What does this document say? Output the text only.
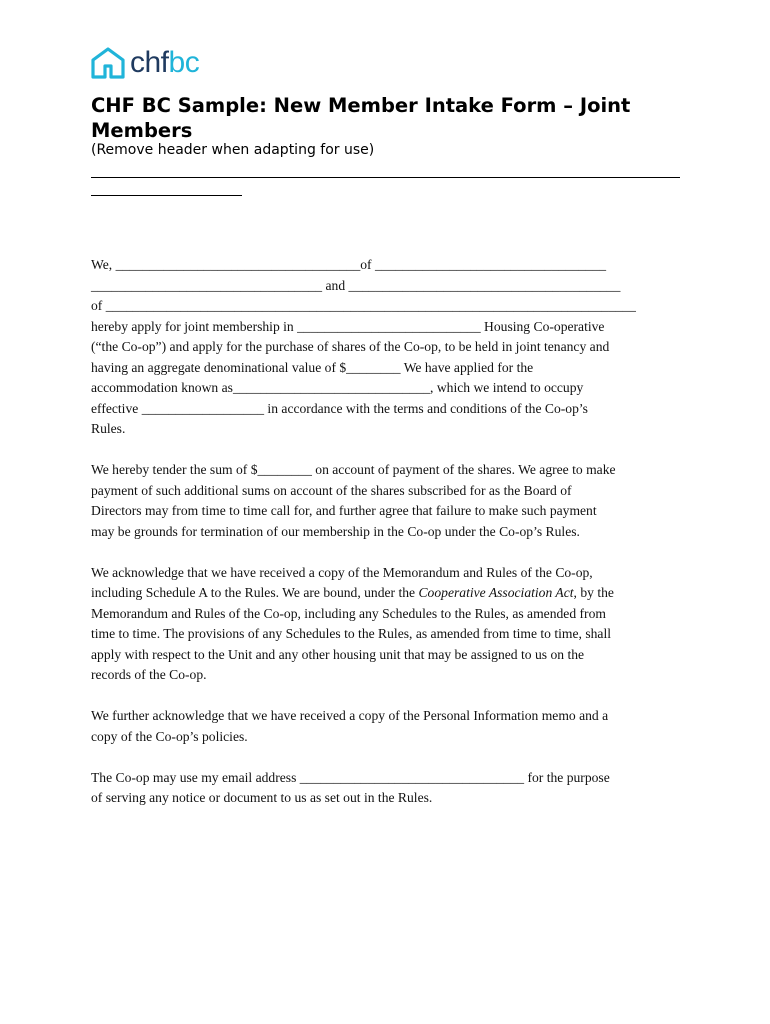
chfbc
CHF BC Sample: New Member Intake Form – Joint Members
(Remove header when adapting for use)

We, ____________________________________of __________________________________
__________________________________ and ________________________________________
of ______________________________________________________________________________
hereby apply for joint membership in ___________________________ Housing Co-operative
(“the Co-op”) and apply for the purchase of shares of the Co-op, to be held in joint tenancy and
having an aggregate denominational value of $________ We have applied for the
accommodation known as_____________________________, which we intend to occupy
effective __________________ in accordance with the terms and conditions of the Co-op’s
Rules.

We hereby tender the sum of $________ on account of payment of the shares. We agree to make
payment of such additional sums on account of the shares subscribed for as the Board of
Directors may from time to time call for, and further agree that failure to make such payment
may be grounds for termination of our membership in the Co-op under the Co-op’s Rules.

We acknowledge that we have received a copy of the Memorandum and Rules of the Co-op,
including Schedule A to the Rules. We are bound, under the Cooperative Association Act, by the
Memorandum and Rules of the Co-op, including any Schedules to the Rules, as amended from
time to time. The provisions of any Schedules to the Rules, as amended from time to time, shall
apply with respect to the Unit and any other housing unit that may be assigned to us on the
records of the Co-op.

We further acknowledge that we have received a copy of the Personal Information memo and a
copy of the Co-op’s policies.

The Co-op may use my email address _________________________________ for the purpose
of serving any notice or document to us as set out in the Rules.
